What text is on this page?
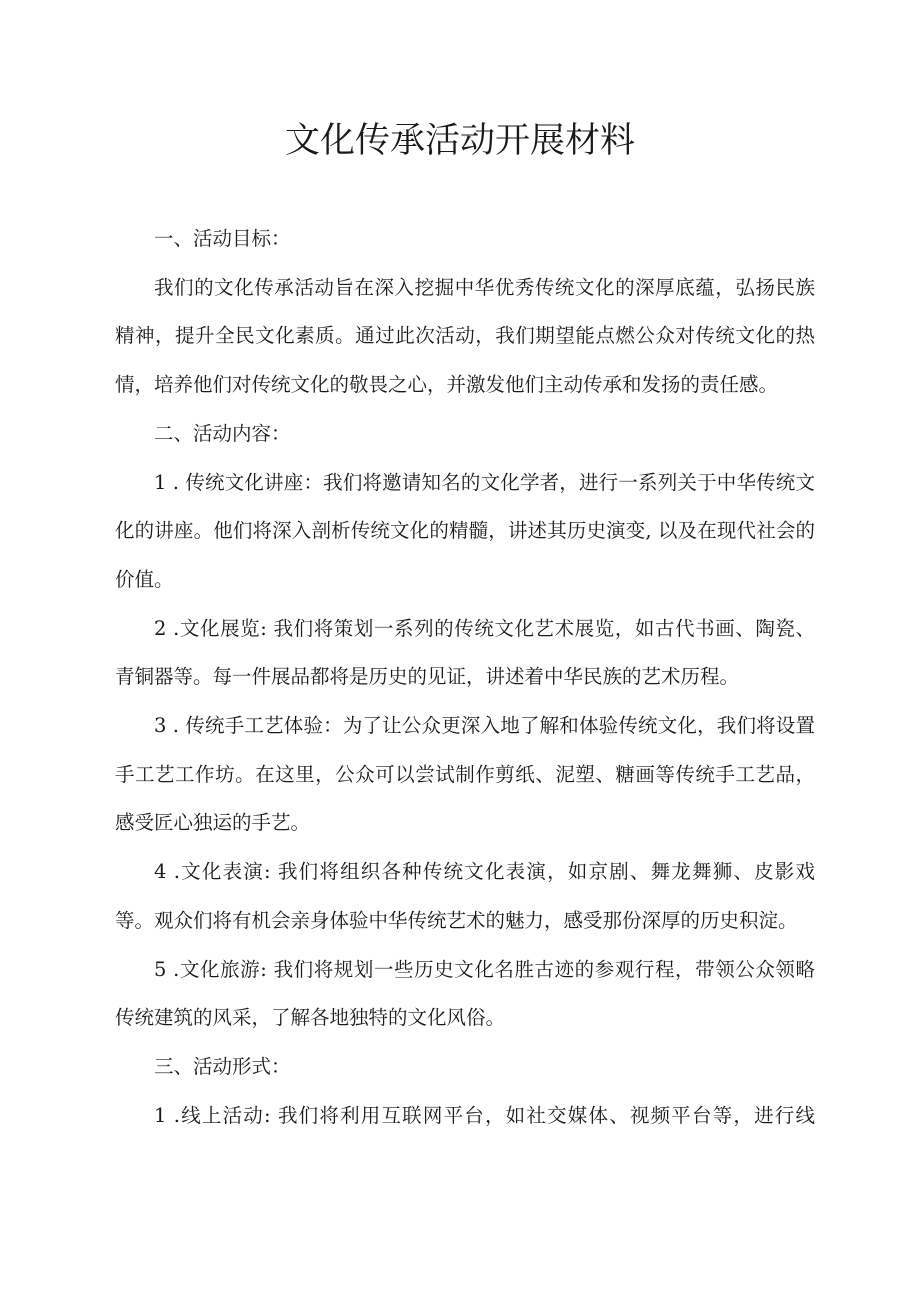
文化传承活动开展材料

一、活动目标：

我们的文化传承活动旨在深入挖掘中华优秀传统文化的深厚底蕴，弘扬民族精神，提升全民文化素质。通过此次活动，我们期望能点燃公众对传统文化的热情，培养他们对传统文化的敬畏之心，并激发他们主动传承和发扬的责任感。

二、活动内容：

1 . 传统文化讲座：我们将邀请知名的文化学者，进行一系列关于中华传统文化的讲座。他们将深入剖析传统文化的精髓，讲述其历史演变, 以及在现代社会的价值。

2 .文化展览: 我们将策划一系列的传统文化艺术展览，如古代书画、陶瓷、青铜器等。每一件展品都将是历史的见证，讲述着中华民族的艺术历程。

3 . 传统手工艺体验：为了让公众更深入地了解和体验传统文化，我们将设置手工艺工作坊。在这里，公众可以尝试制作剪纸、泥塑、糖画等传统手工艺品，感受匠心独运的手艺。

4 .文化表演: 我们将组织各种传统文化表演，如京剧、舞龙舞狮、皮影戏等。观众们将有机会亲身体验中华传统艺术的魅力，感受那份深厚的历史积淀。

5 .文化旅游: 我们将规划一些历史文化名胜古迹的参观行程，带领公众领略传统建筑的风采，了解各地独特的文化风俗。

三、活动形式：

1 .线上活动: 我们将利用互联网平台，如社交媒体、视频平台等，进行线
